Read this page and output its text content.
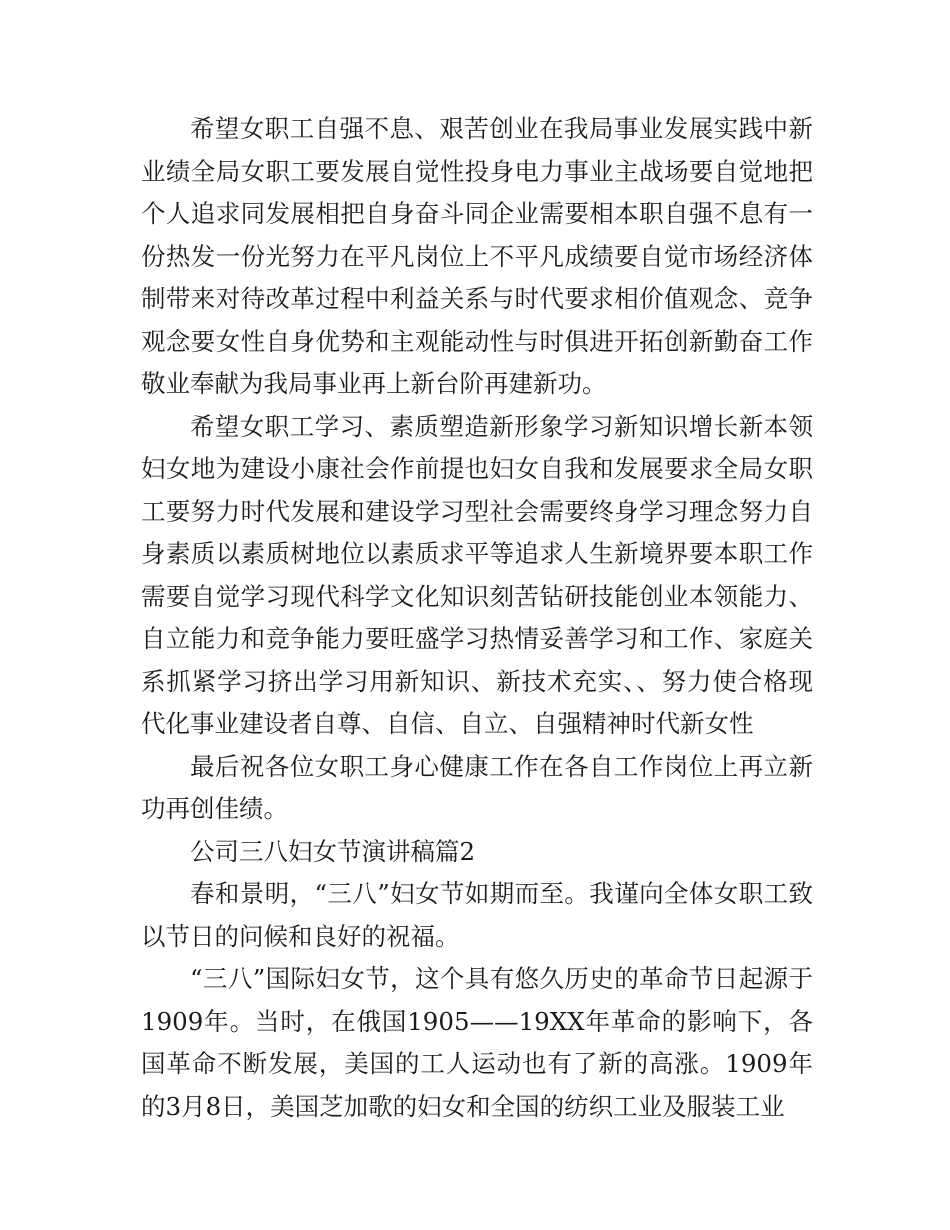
希望女职工自强不息、艰苦创业在我局事业发展实践中新业绩全局女职工要发展自觉性投身电力事业主战场要自觉地把个人追求同发展相把自身奋斗同企业需要相本职自强不息有一份热发一份光努力在平凡岗位上不平凡成绩要自觉市场经济体制带来对待改革过程中利益关系与时代要求相价值观念、竞争观念要女性自身优势和主观能动性与时俱进开拓创新勤奋工作敬业奉献为我局事业再上新台阶再建新功。

希望女职工学习、素质塑造新形象学习新知识增长新本领妇女地为建设小康社会作前提也妇女自我和发展要求全局女职工要努力时代发展和建设学习型社会需要终身学习理念努力自身素质以素质树地位以素质求平等追求人生新境界要本职工作需要自觉学习现代科学文化知识刻苦钻研技能创业本领能力、自立能力和竞争能力要旺盛学习热情妥善学习和工作、家庭关系抓紧学习挤出学习用新知识、新技术充实、、努力使合格现代化事业建设者自尊、自信、自立、自强精神时代新女性

最后祝各位女职工身心健康工作在各自工作岗位上再立新功再创佳绩。

公司三八妇女节演讲稿篇2

春和景明，“三八”妇女节如期而至。我谨向全体女职工致以节日的问候和良好的祝福。

“三八”国际妇女节，这个具有悠久历史的革命节日起源于1909年。当时，在俄国1905——19XX年革命的影响下，各国革命不断发展，美国的工人运动也有了新的高涨。1909年的3月8日，美国芝加歌的妇女和全国的纺织工业及服装工业
